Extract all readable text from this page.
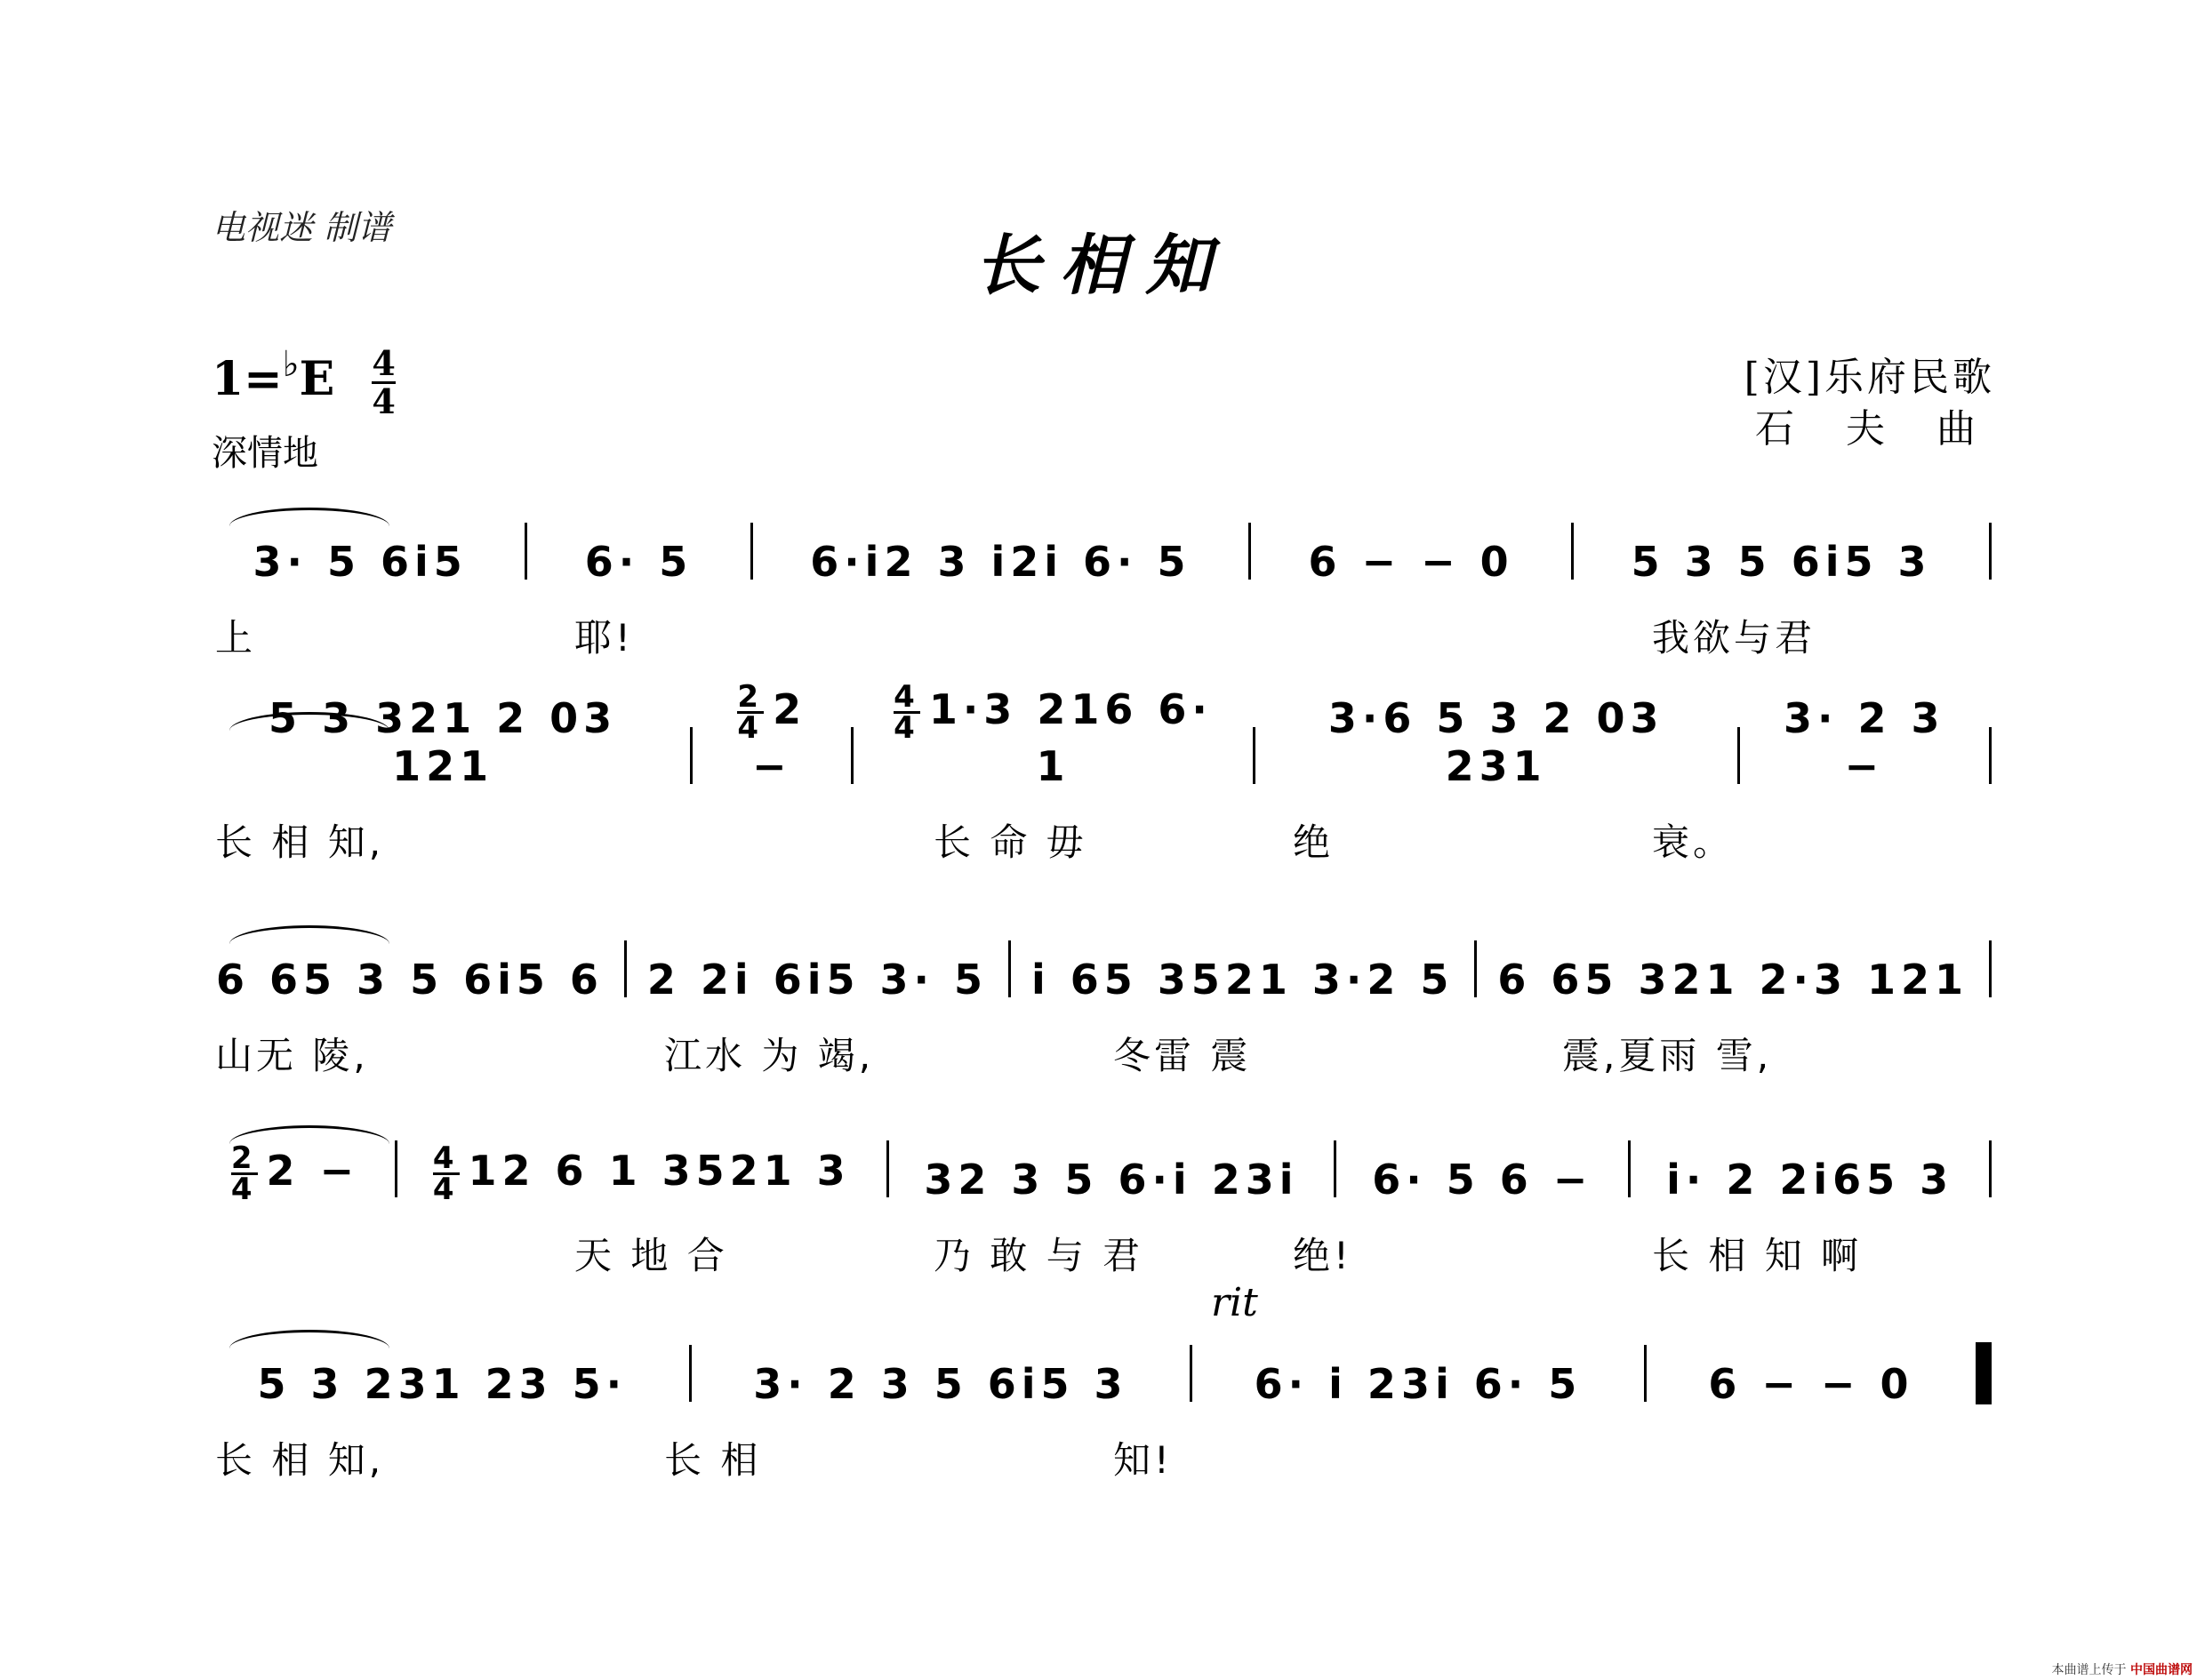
电视迷 制谱	长相知
$1=^♭E \frac{4}{4}$
深情地
[汉]乐府民歌
石 夫 曲
3· 5 6i5	6· 5	6·i2 3 i2i 6· 5	6 − − 0	5 3 5 6i5 3
上	耶!	我欲与君
5 3 321 2 03 121
$\frac{2}{4} 2$ −
$\frac{4}{4} 1\cdot 3$ 216 6· 1
3·6 5 3 2 03 231
3· 2 3 −
长 相 知,	长 命 毋	绝	衰。
6 65 3 5 6i5 6 2 2i 6i5 3· 5 i 65 3521 3·2 5 6 65 321 2·3 121
山无 陵,	江水 为 竭,	冬雷 震	震,夏雨 雪,
$\frac{2}{4} 2$ −	$\frac{4}{4} 12$ 6 1 3521 3	32 3 5 6·i 23i	6· 5 6 −	i· 2 2i65 3
天 地 合	乃 敢 与 君	绝!	长 相 知 啊
5 3 231 23 5·	3· 2 3 5 6i5 3	6· i 23i 6· 5	6 − − 0
长 相 知,	长 相	知!
rit
本曲谱上传于 中国曲谱网
